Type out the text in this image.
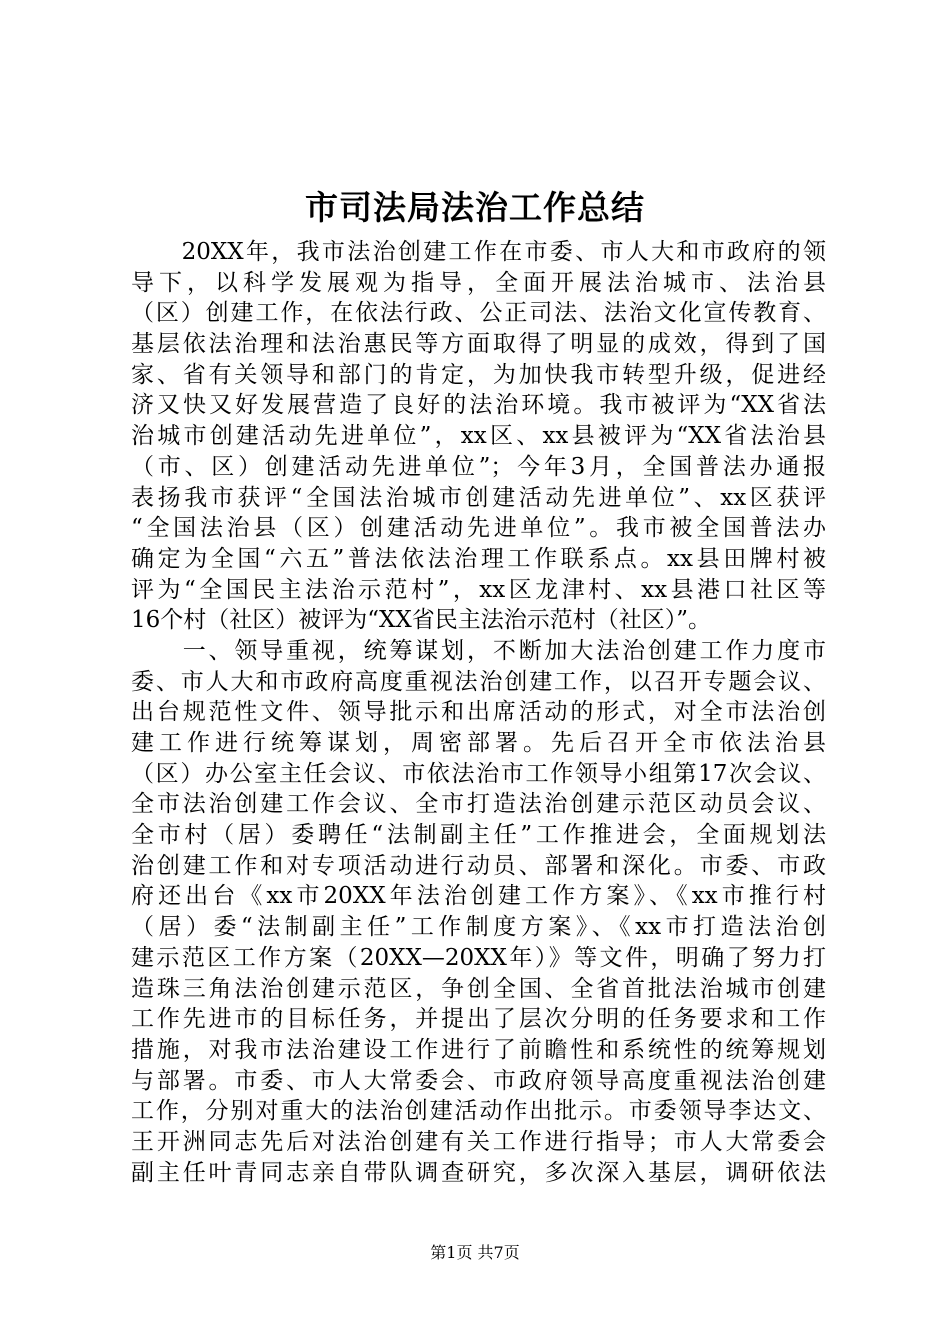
市司法局法治工作总结
　　20XX年，我市法治创建工作在市委、市人大和市政府的领
导下，以科学发展观为指导，全面开展法治城市、法治县
（区）创建工作，在依法行政、公正司法、法治文化宣传教育、
基层依法治理和法治惠民等方面取得了明显的成效，得到了国
家、省有关领导和部门的肯定，为加快我市转型升级，促进经
济又快又好发展营造了良好的法治环境。我市被评为“XX省法
治城市创建活动先进单位”，xx区、xx县被评为“XX省法治县
（市、区）创建活动先进单位”；今年3月，全国普法办通报
表扬我市获评“全国法治城市创建活动先进单位”、xx区获评
“全国法治县（区）创建活动先进单位”。我市被全国普法办
确定为全国“六五”普法依法治理工作联系点。xx县田牌村被
评为“全国民主法治示范村”，xx区龙津村、xx县港口社区等
16个村（社区）被评为“XX省民主法治示范村（社区）”。
　　一、领导重视，统筹谋划，不断加大法治创建工作力度市
委、市人大和市政府高度重视法治创建工作，以召开专题会议、
出台规范性文件、领导批示和出席活动的形式，对全市法治创
建工作进行统筹谋划，周密部署。先后召开全市依法治县
（区）办公室主任会议、市依法治市工作领导小组第17次会议、
全市法治创建工作会议、全市打造法治创建示范区动员会议、
全市村（居）委聘任“法制副主任”工作推进会，全面规划法
治创建工作和对专项活动进行动员、部署和深化。市委、市政
府还出台《xx市20XX年法治创建工作方案》、《xx市推行村
（居）委“法制副主任”工作制度方案》、《xx市打造法治创
建示范区工作方案（20XX—20XX年）》等文件，明确了努力打
造珠三角法治创建示范区，争创全国、全省首批法治城市创建
工作先进市的目标任务，并提出了层次分明的任务要求和工作
措施，对我市法治建设工作进行了前瞻性和系统性的统筹规划
与部署。市委、市人大常委会、市政府领导高度重视法治创建
工作，分别对重大的法治创建活动作出批示。市委领导李达文、
王开洲同志先后对法治创建有关工作进行指导；市人大常委会
副主任叶青同志亲自带队调查研究，多次深入基层，调研依法
第1页 共7页
